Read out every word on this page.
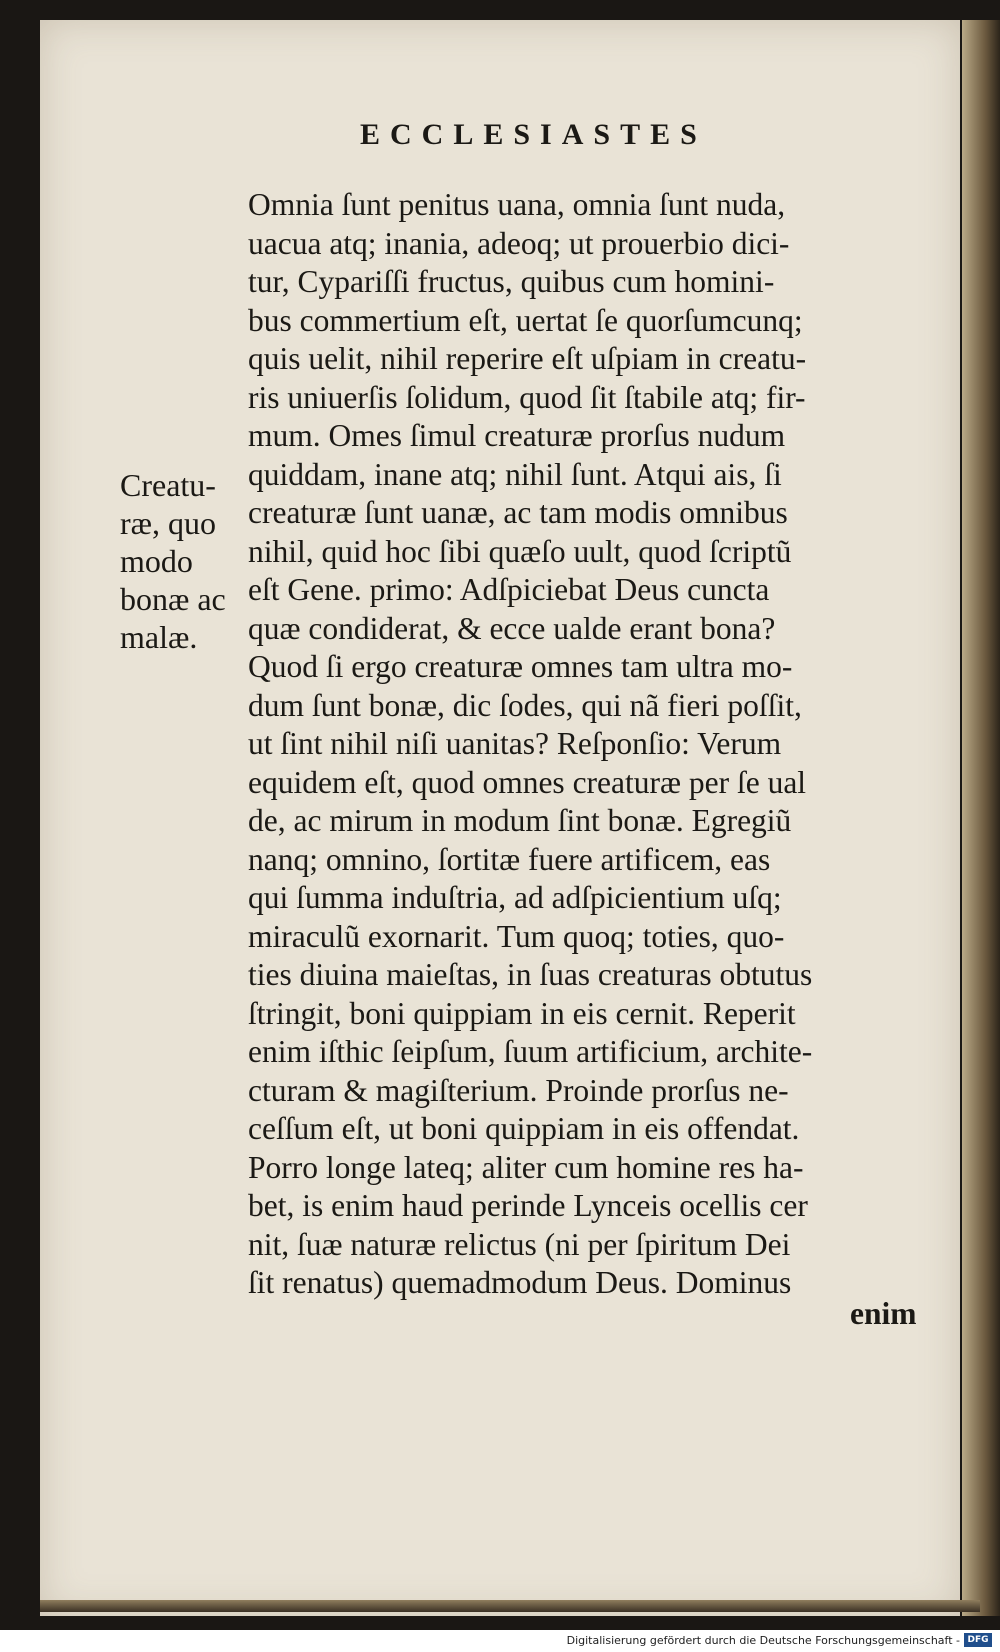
ECCLESIASTES
Creatu-
ræ, quo
modo
bonæ ac
malæ.
Omnia ſunt penitus uana, omnia ſunt nuda,
uacua atq; inania, adeoq; ut prouerbio dici-
tur, Cypariſſi fructus, quibus cum homini-
bus commertium eſt, uertat ſe quorſumcunq;
quis uelit, nihil reperire eſt uſpiam in creatu-
ris uniuerſis ſolidum, quod ſit ſtabile atq; fir-
mum. Omes ſimul creaturæ prorſus nudum
quiddam, inane atq; nihil ſunt. Atqui ais, ſi
creaturæ ſunt uanæ, ac tam modis omnibus
nihil, quid hoc ſibi quæſo uult, quod ſcriptũ
eſt Gene. primo: Adſpiciebat Deus cuncta
quæ condiderat, & ecce ualde erant bona?
Quod ſi ergo creaturæ omnes tam ultra mo-
dum ſunt bonæ, dic ſodes, qui nã fieri poſſit,
ut ſint nihil niſi uanitas? Reſponſio: Verum
equidem eſt, quod omnes creaturæ per ſe ual
de, ac mirum in modum ſint bonæ. Egregiũ
nanq; omnino, ſortitæ fuere artificem, eas
qui ſumma induſtria, ad adſpicientium uſq;
miraculũ exornarit. Tum quoq; toties, quo-
ties diuina maieſtas, in ſuas creaturas obtutus
ſtringit, boni quippiam in eis cernit. Reperit
enim iſthic ſeipſum, ſuum artificium, archite-
cturam & magiſterium. Proinde prorſus ne-
ceſſum eſt, ut boni quippiam in eis offendat.
Porro longe lateq; aliter cum homine res ha-
bet, is enim haud perinde Lynceis ocellis cer
nit, ſuæ naturæ relictus (ni per ſpiritum Dei
ſit renatus) quemadmodum Deus. Dominus
enim
Digitalisierung gefördert durch die Deutsche Forschungsgemeinschaft - DFG
